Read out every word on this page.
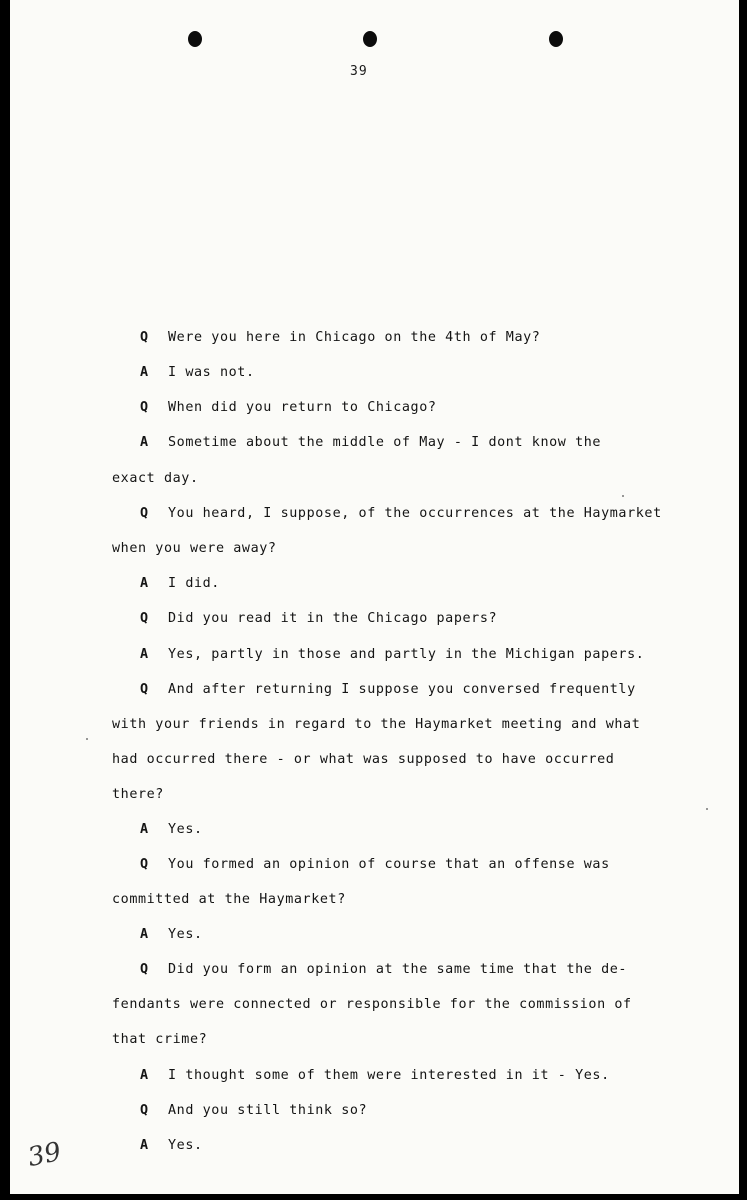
39
Q Were you here in Chicago on the 4th of May?
A I was not.
Q When did you return to Chicago?
A Sometime about the middle of May - I dont know the
exact day.
Q You heard, I suppose, of the occurrences at the Haymarket
when you were away?
A I did.
Q Did you read it in the Chicago papers?
A Yes, partly in those and partly in the Michigan papers.
Q And after returning I suppose you conversed frequently
with your friends in regard to the Haymarket meeting and what
had occurred there - or what was supposed to have occurred
there?
A Yes.
Q You formed an opinion of course that an offense was
committed at the Haymarket?
A Yes.
Q Did you form an opinion at the same time that the de-
fendants were connected or responsible for the commission of
that crime?
A I thought some of them were interested in it - Yes.
Q And you still think so?
A Yes.
39
